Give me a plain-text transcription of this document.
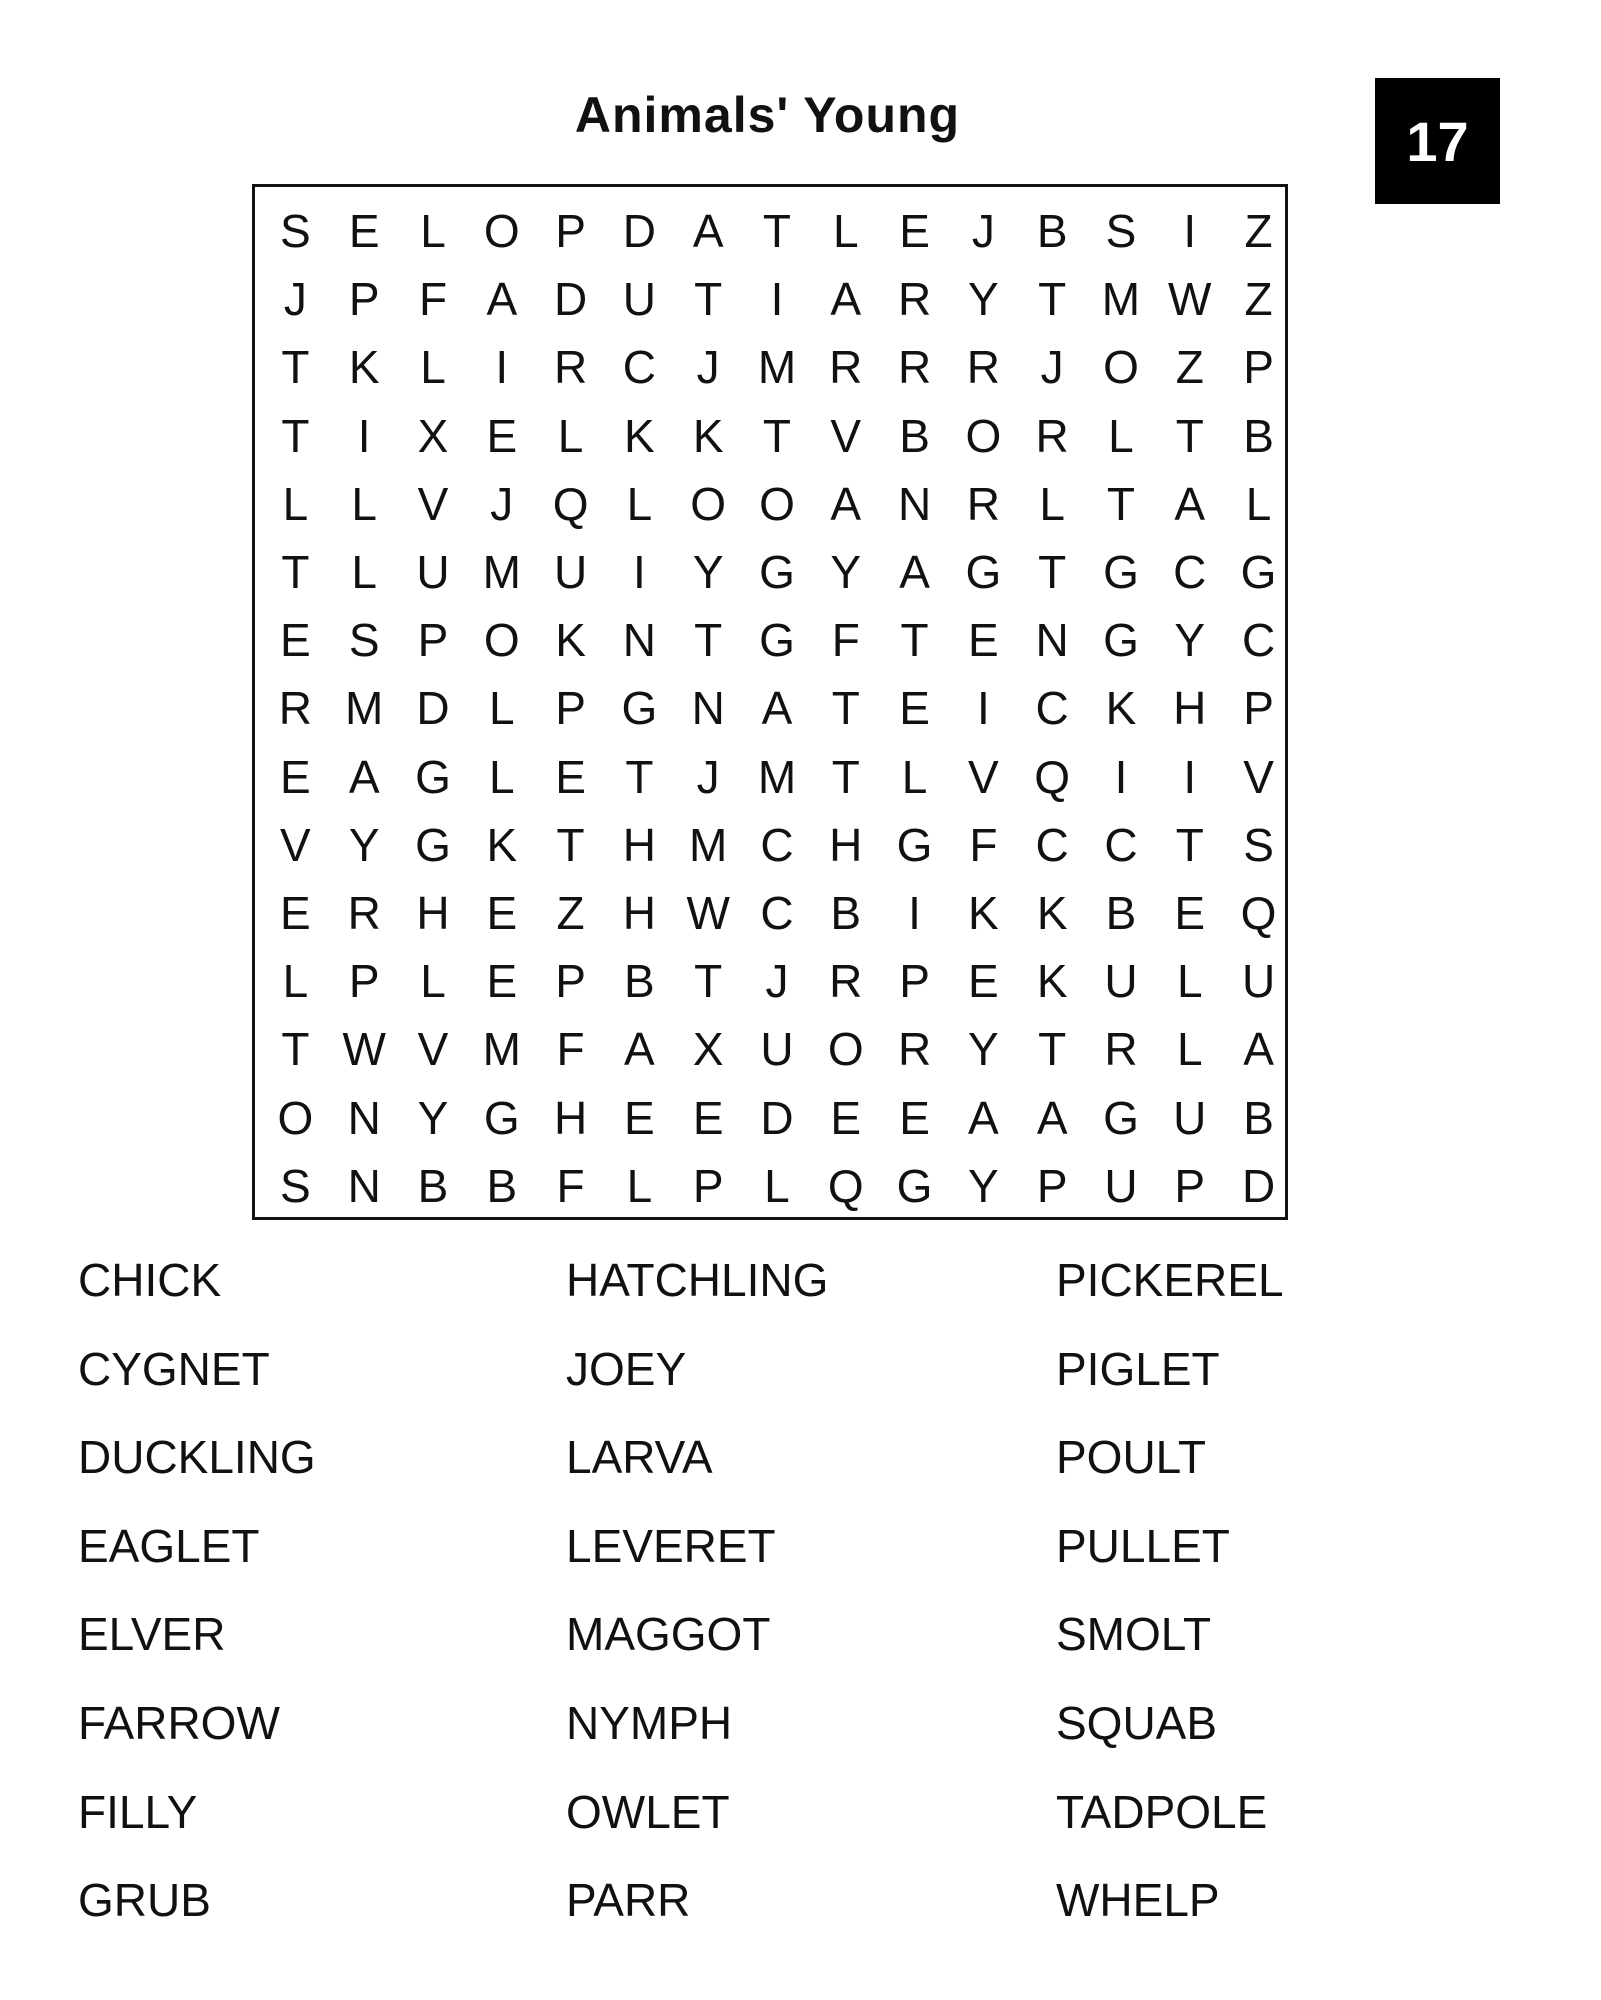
Animals' Young	17
S E L O P D A T L E J B S	I	Z
J P F A D U T	I	A R Y T M W Z
T K L	I R C J M R R R J O Z P
T	I	X E L K K T V B O R L T B
L L V J Q L O O A N R L T A L
T L U M U I	Y G Y A G T G C G
E S P O K N T G F T E N G Y C
R M D L P G N A T E	I C K H P
E A G L E T J M T L V Q I	I	V
V Y G K T H M C H G F C C T S
E R H E Z H W C B	I	K K B E Q
L P L E P B T J R P E K U L U
T W V M F A X U O R Y T R L A
O N Y G H E E D E E A A G U B
S N B B F L P L Q G Y P U P D
CHICK
CYGNET
DUCKLING
EAGLET
ELVER
FARROW
FILLY
GRUB
HATCHLING
JOEY
LARVA
LEVERET
MAGGOT
NYMPH
OWLET
PARR
PICKEREL
PIGLET
POULT
PULLET
SMOLT
SQUAB
TADPOLE
WHELP
